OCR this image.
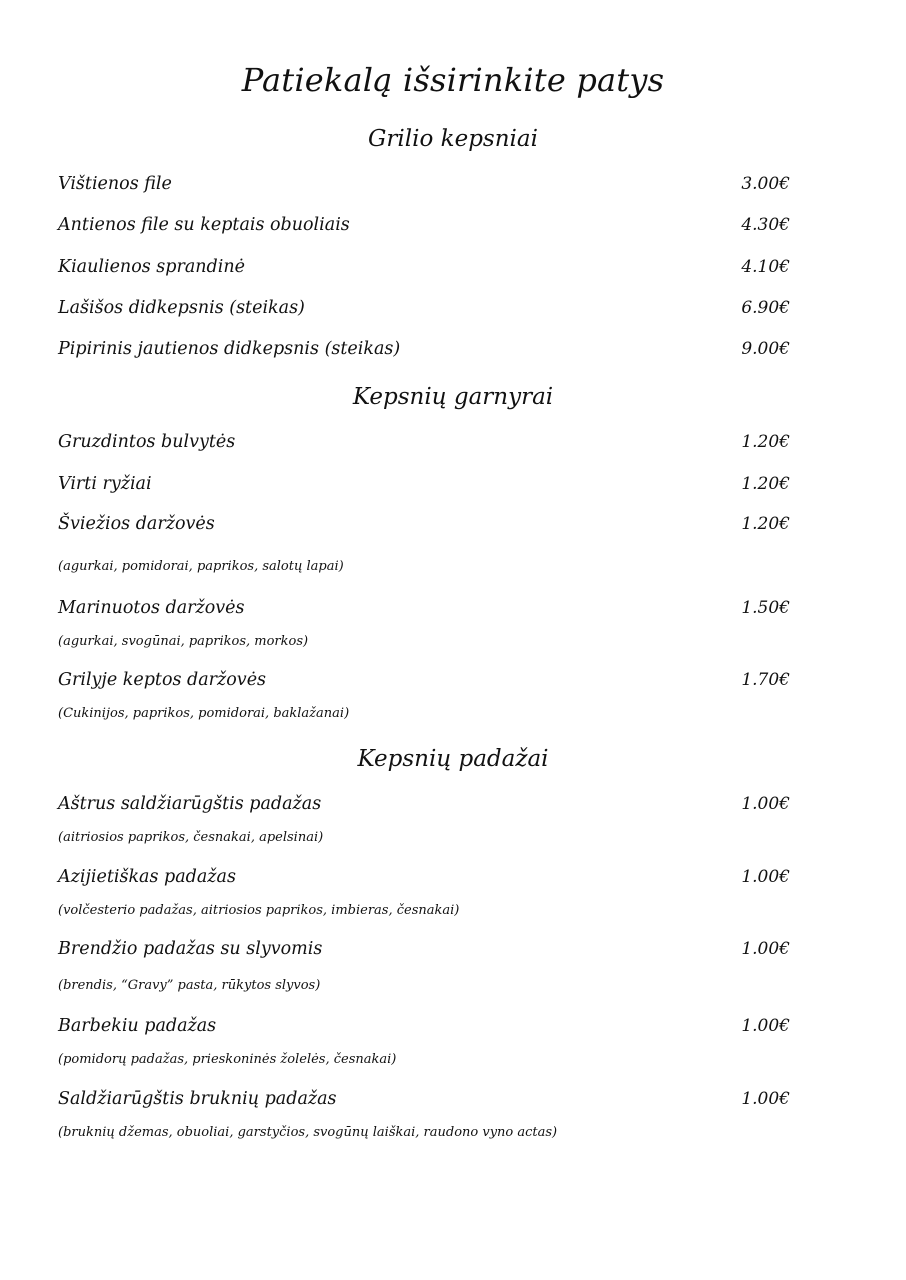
Patiekalą išsirinkite patys
Grilio kepsniai
Vištienos file	3.00€
Antienos file su keptais obuoliais	4.30€
Kiaulienos sprandinė	4.10€
Lašišos didkepsnis (steikas)	6.90€
Pipirinis jautienos didkepsnis (steikas)	9.00€
Kepsnių garnyrai
Gruzdintos bulvytės	1.20€
Virti ryžiai	1.20€
Šviežios daržovės	1.20€
(agurkai, pomidorai, paprikos, salotų lapai)
Marinuotos daržovės	1.50€
(agurkai, svogūnai, paprikos, morkos)
Grilyje keptos daržovės	1.70€
(Cukinijos, paprikos, pomidorai, baklažanai)
Kepsnių padažai
Aštrus saldžiarūgštis padažas	1.00€
(aitriosios paprikos, česnakai, apelsinai)
Azijietiškas padažas	1.00€
(volčesterio padažas, aitriosios paprikos, imbieras, česnakai)
Brendžio padažas su slyvomis	1.00€
(brendis, “Gravy” pasta, rūkytos slyvos)
Barbekiu padažas	1.00€
(pomidorų padažas, prieskoninės žolelės, česnakai)
Saldžiarūgštis bruknių padažas	1.00€
(bruknių džemas, obuoliai, garstyčios, svogūnų laiškai, raudono vyno actas)
